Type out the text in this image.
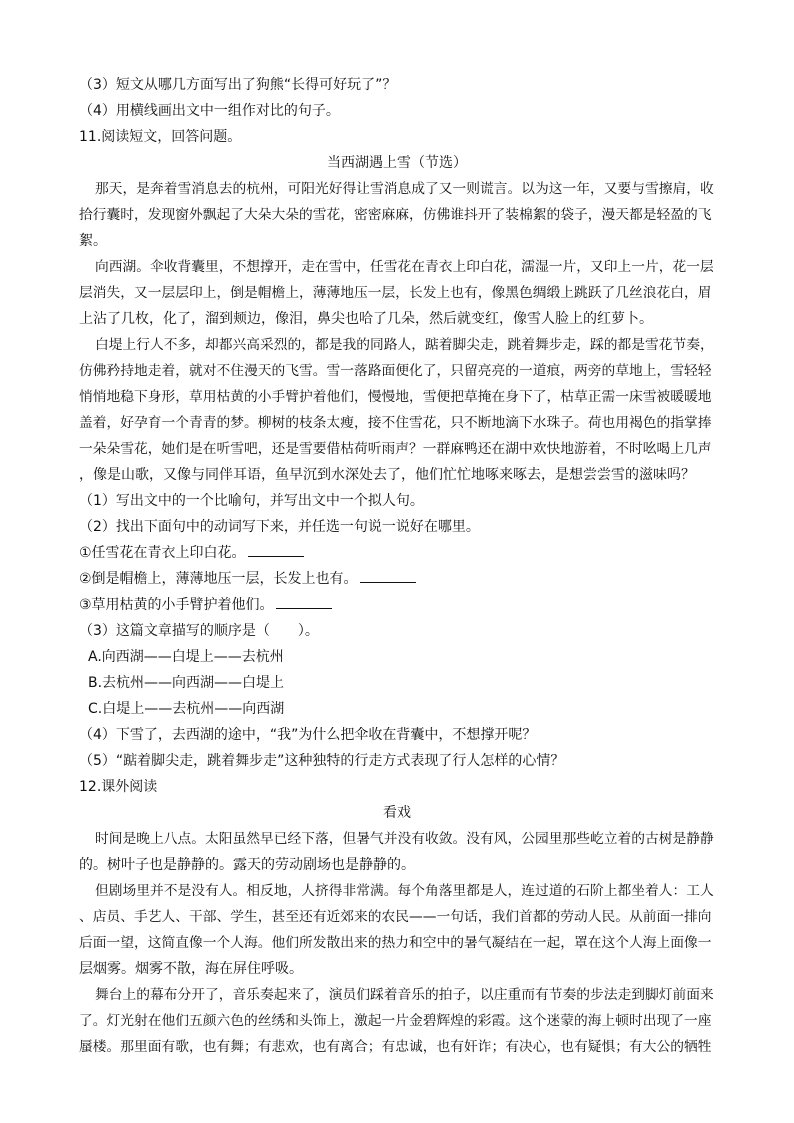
（3）短文从哪几方面写出了狗熊“长得可好玩了”？
（4）用横线画出文中一组作对比的句子。
11.阅读短文，回答问题。
当西湖遇上雪（节选）
那天，是奔着雪消息去的杭州，可阳光好得让雪消息成了又一则谎言。以为这一年，又要与雪擦肩，收
拾行囊时，发现窗外飘起了大朵大朵的雪花，密密麻麻，仿佛谁抖开了装棉絮的袋子，漫天都是轻盈的飞
絮。
向西湖。伞收背囊里，不想撑开，走在雪中，任雪花在青衣上印白花，濡湿一片，又印上一片，花一层
层消失，又一层层印上，倒是帽檐上，薄薄地压一层，长发上也有，像黑色绸缎上跳跃了几丝浪花白，眉
上沾了几枚，化了，溜到颊边，像泪，鼻尖也哈了几朵，然后就变红，像雪人脸上的红萝卜。
白堤上行人不多，却都兴高采烈的，都是我的同路人，踮着脚尖走，跳着舞步走，踩的都是雪花节奏，
仿佛矜持地走着，就对不住漫天的飞雪。雪一落路面便化了，只留亮亮的一道痕，两旁的草地上，雪轻轻
悄悄地稳下身形，草用枯黄的小手臂护着他们，慢慢地，雪便把草掩在身下了，枯草正需一床雪被暖暖地
盖着，好孕育一个青青的梦。柳树的枝条太瘦，接不住雪花，只不断地滴下水珠子。荷也用褐色的指掌捧
一朵朵雪花，她们是在听雪吧，还是雪要借枯荷听雨声？一群麻鸭还在湖中欢快地游着，不时吆喝上几声
，像是山歌，又像与同伴耳语，鱼早沉到水深处去了，他们忙忙地啄来啄去，是想尝尝雪的滋味吗？
（1）写出文中的一个比喻句，并写出文中一个拟人句。
（2）找出下面句中的动词写下来，并任选一句说一说好在哪里。
①任雪花在青衣上印白花。
②倒是帽檐上，薄薄地压一层，长发上也有。
③草用枯黄的小手臂护着他们。
（3）这篇文章描写的顺序是（　　）。
A.向西湖——白堤上——去杭州
B.去杭州——向西湖——白堤上
C.白堤上——去杭州——向西湖
（4）下雪了，去西湖的途中，“我”为什么把伞收在背囊中，不想撑开呢？
（5）“踮着脚尖走，跳着舞步走”这种独特的行走方式表现了行人怎样的心情？
12.课外阅读
看戏
时间是晚上八点。太阳虽然早已经下落，但暑气并没有收敛。没有风，公园里那些屹立着的古树是静静
的。树叶子也是静静的。露天的劳动剧场也是静静的。
但剧场里并不是没有人。相反地，人挤得非常满。每个角落里都是人，连过道的石阶上都坐着人：工人
、店员、手艺人、干部、学生，甚至还有近郊来的农民——一句话，我们首都的劳动人民。从前面一排向
后面一望，这简直像一个人海。他们所发散出来的热力和空中的暑气凝结在一起，罩在这个人海上面像一
层烟雾。烟雾不散，海在屏住呼吸。
舞台上的幕布分开了，音乐奏起来了，演员们踩着音乐的拍子，以庄重而有节奏的步法走到脚灯前面来
了。灯光射在他们五颜六色的丝绣和头饰上，激起一片金碧辉煌的彩霞。这个迷蒙的海上顿时出现了一座
蜃楼。那里面有歌，也有舞；有悲欢，也有离合；有忠诚，也有奸诈；有决心，也有疑惧；有大公的牺牲
